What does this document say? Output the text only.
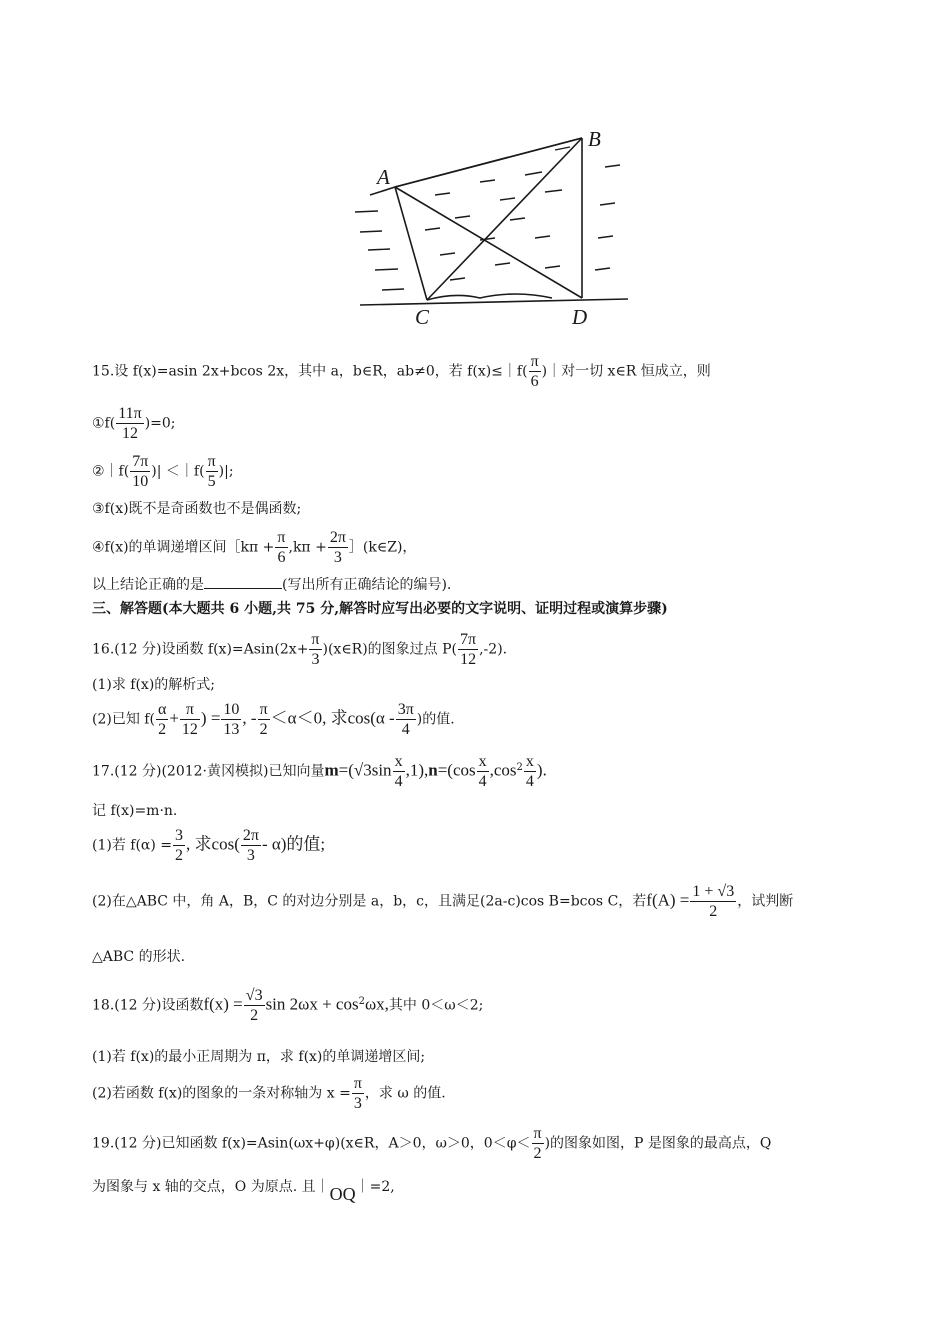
A
B
C	D
15.设 f(x)=asin 2x+bcos 2x，其中 a，b∈R，ab≠0，若 f(x)≤｜f( $\frac{\pi}{6}$ )｜对一切 x∈R 恒成立，则
①f( $\frac{11\pi}{12} )=0$;
②｜f( $\frac{7\pi}{10}$ )| ＜｜f( $\frac{\pi}{5}$ )|;
③f(x)既不是奇函数也不是偶函数;
④f(x)的单调递增区间［kπ + $\frac{\pi}{6} ,k\pi + \frac{2\pi}{3}$ ］(k∈Z)，
以上结论正确的是	(写出所有正确结论的编号).
三、解答题(本大题共 6 小题,共 75 分,解答时应写出必要的文字说明、证明过程或演算步骤)
16.(12 分)设函数 $f(x)=Asin(2x+ \frac{\pi}{3}$ )(x∈R)的图象过点 $P( \frac{7\pi}{12} ,-2)$.
(1)求 f(x)的解析式;
(2)已知 $f( \frac{\alpha}{2} + \frac{\pi}{12}$ ) = $\frac{10}{13}$ , - $\frac{\pi}{2} <\alpha<0$, 求$\cos(\alpha - \frac{3\pi}{4}$ )的值.
17.(12 分)(2012·黄冈模拟)已知向量$m=(√3\sin \frac{x}{4} ,1),n=(\cos \frac{x}{4} ,\cos^2 \frac{x}{4}$ ).
记 f(x)=m·n.
(1)若 $f(\alpha) = \frac{3}{2}$ , 求$\cos( \frac{2\pi}{3} - \alpha)$的值;
(2)在△ABC 中，角 A，B，C 的对边分别是 a，b，c，且满足(2a-c)cos B=bcos C，若$f(A) = \frac{1 + √3}{2}$ ，试判断
△ABC 的形状.
18.(12 分)设函数$f(x) = \frac{√3}{2}$ $\sin 2\omega x + \cos^2\omega x$,其中 0＜ω＜2;
(1)若 f(x)的最小正周期为 π，求 f(x)的单调递增区间;
(2)若函数 f(x)的图象的一条对称轴为 $x = \frac{\pi}{3}$ ，求 ω 的值.
19.(12 分)已知函数 f(x)=Asin(ωx+φ)(x∈R，A＞0，ω＞0，$0<\varphi< \frac{\pi}{2}$ )的图象如图，P 是图象的最高点，Q
为图象与 x 轴的交点，O 为原点. 且｜OQ｜=2,
